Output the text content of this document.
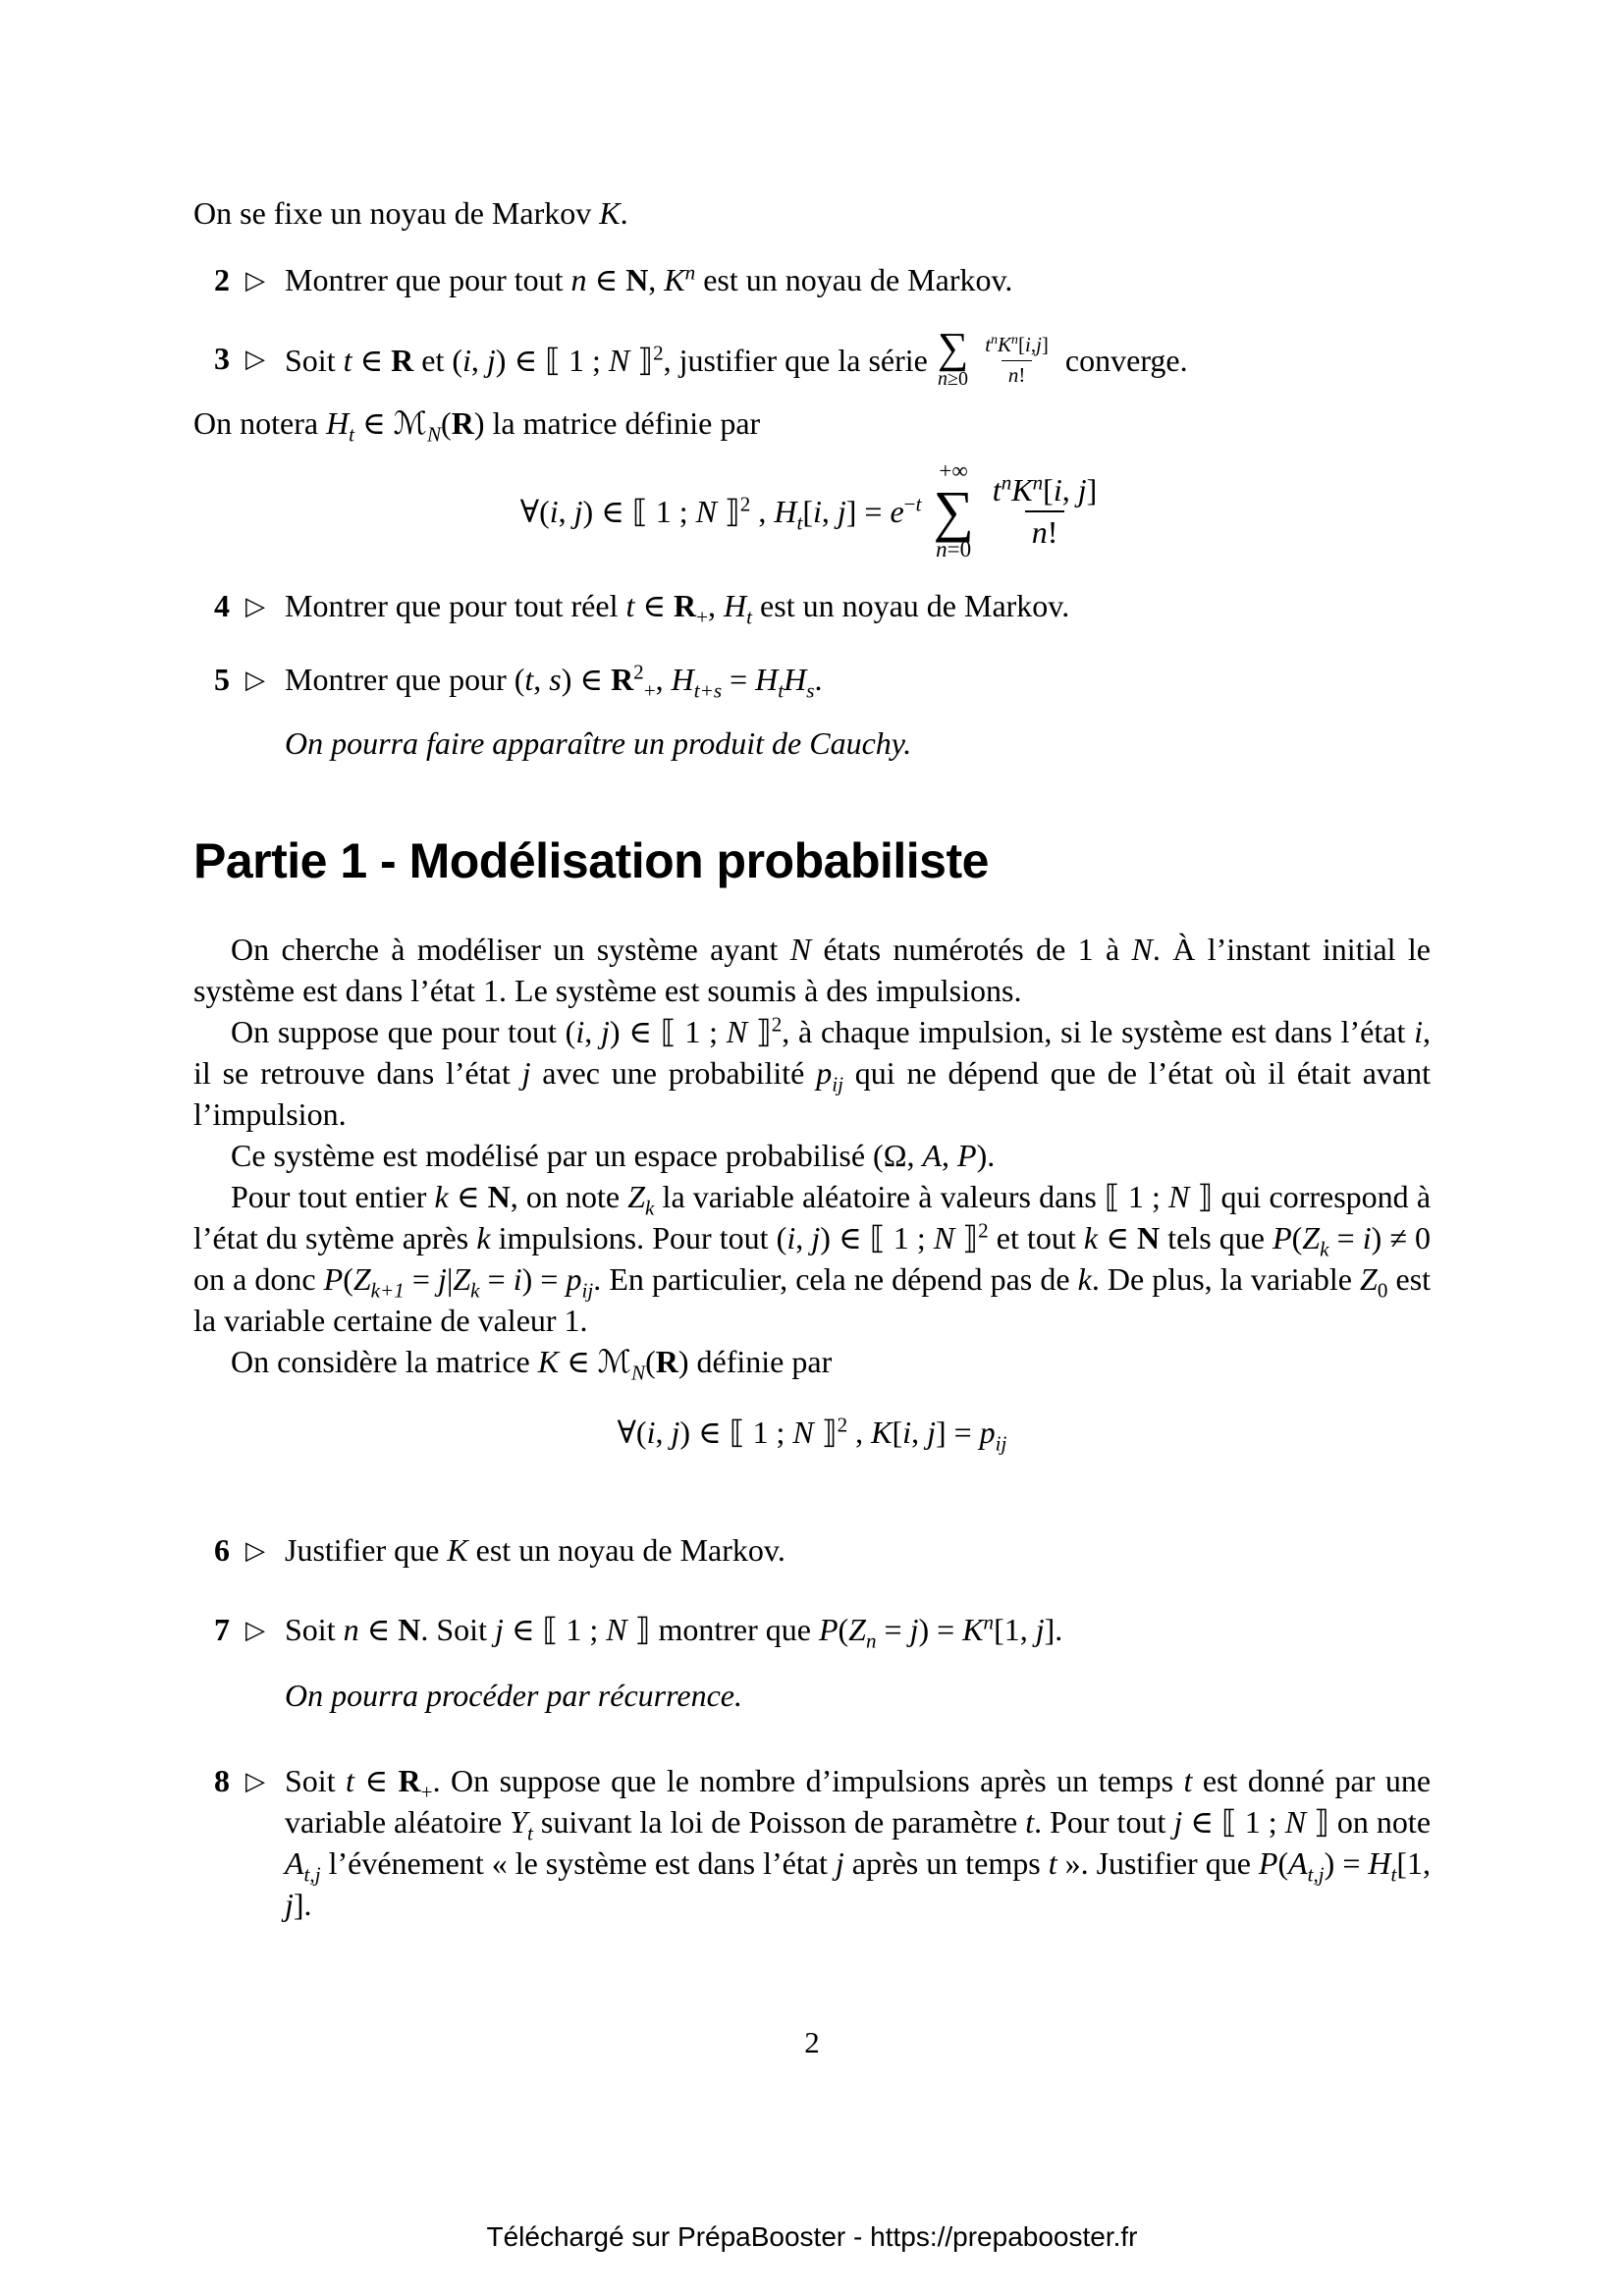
On se fixe un noyau de Markov K.

2 ▷ Montrer que pour tout n ∈ N, $K^n$ est un noyau de Markov.
3 ▷ Soit t ∈ R et (i, j) ∈ ⟦ 1 ; N ⟧$^2$, justifier que la série ∑
$n\ge 0 \frac{t^nK^n[i,j]}{n!}$ converge.

On notera $H_t$ ∈ ℳ$_N$(R) la matrice définie par

∀(i, j) ∈ ⟦ 1 ; N ⟧$^2$ , $H_t[i$, $j] = e^{-t}$
+∞
∑
$n=0 \frac{t^nK^n[i, j]}{n!}$
4 ▷ Montrer que pour tout réel t ∈ $R_+$, $H_t$ est un noyau de Markov.
5 ▷ Montrer que pour (t, s) ∈ $R^2_+$, $H_{t+s} = H_tH_s$.

On pourra faire apparaître un produit de Cauchy.

Partie 1 - Modélisation probabiliste

On cherche à modéliser un système ayant N états numérotés de 1 à N. À l’instant initial le système est dans l’état 1. Le système est soumis à des impulsions.

On suppose que pour tout (i, j) ∈ ⟦ 1 ; N ⟧$^2$, à chaque impulsion, si le système est dans l’état i, il se retrouve dans l’état j avec une probabilité $p_{ij}$ qui ne dépend que de l’état où il était avant l’impulsion.

Ce système est modélisé par un espace probabilisé (Ω, A, P).

Pour tout entier k ∈ N, on note $Z_k$ la variable aléatoire à valeurs dans ⟦ 1 ; N ⟧ qui correspond à l’état du sytème après k impulsions. Pour tout (i, j) ∈ ⟦ 1 ; N ⟧$^2$ et tout k ∈ N tels que $P(Z_k = i) \ne 0$ on a donc $P(Z_{k+1} = j|Z_k = i) = p_{ij}$. En particulier, cela ne dépend pas de k. De plus, la variable $Z_0$ est la variable certaine de valeur 1.

On considère la matrice K ∈ ℳ$_N$(R) définie par

∀(i, j) ∈ ⟦ 1 ; N ⟧$^2$ , K[i, $j] = p_{ij}$

6 ▷ Justifier que K est un noyau de Markov.
7 ▷ Soit n ∈ N. Soit j ∈ ⟦ 1 ; N ⟧ montrer que $P(Z_n = j) = K^n[1$, j].

On pourra procéder par récurrence.

8 ▷ Soit t ∈ $R_+$. On suppose que le nombre d’impulsions après un temps t est donné par une variable aléatoire $Y_t$ suivant la loi de Poisson de paramètre t. Pour tout j ∈ ⟦ 1 ; N ⟧ on note $A_{t,j}$ l’événement « le système est dans l’état j après un temps t ». Justifier que $P(A_{t,j}) = H_t[1$, j].
2
Téléchargé sur PrépaBooster - https://prepabooster.fr
